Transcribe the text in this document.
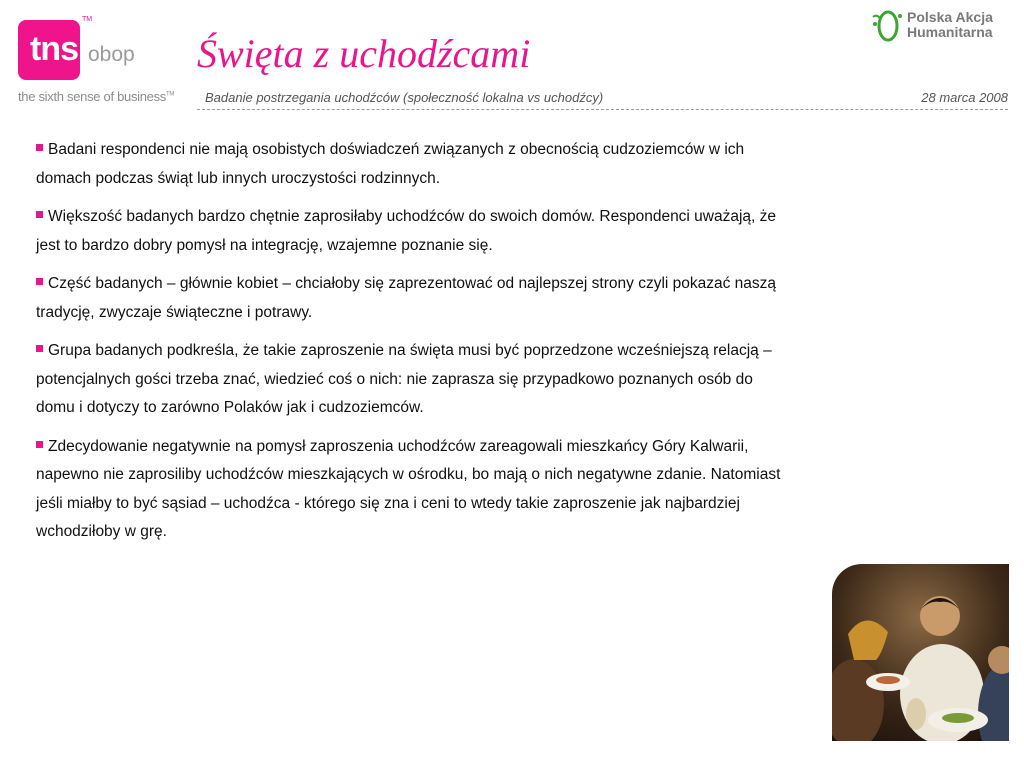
tns
TM
obop
the sixth sense of business™
Święta z uchodźcami
Polska Akcja
Humanitarna
Badanie postrzegania uchodźców (społeczność lokalna vs uchodźcy)	28 marca 2008

Badani respondenci nie mają osobistych doświadczeń związanych z obecnością cudzoziemców w ich domach podczas świąt lub innych uroczystości rodzinnych.

Większość badanych bardzo chętnie zaprosiłaby uchodźców do swoich domów. Respondenci uważają, że jest to bardzo dobry pomysł na integrację, wzajemne poznanie się.

Część badanych – głównie kobiet – chciałoby się zaprezentować od najlepszej strony czyli pokazać naszą tradycję, zwyczaje świąteczne i potrawy.

Grupa badanych podkreśla, że takie zaproszenie na święta musi być poprzedzone wcześniejszą relacją – potencjalnych gości trzeba znać, wiedzieć coś o nich: nie zaprasza się przypadkowo poznanych osób do domu i dotyczy to zarówno Polaków jak i cudzoziemców.

Zdecydowanie negatywnie na pomysł zaproszenia uchodźców zareagowali mieszkańcy Góry Kalwarii, napewno nie zaprosiliby uchodźców mieszkających w ośrodku, bo mają o nich negatywne zdanie. Natomiast jeśli miałby to być sąsiad – uchodźca - którego się zna i ceni to wtedy takie zaproszenie jak najbardziej wchodziłoby w grę.
